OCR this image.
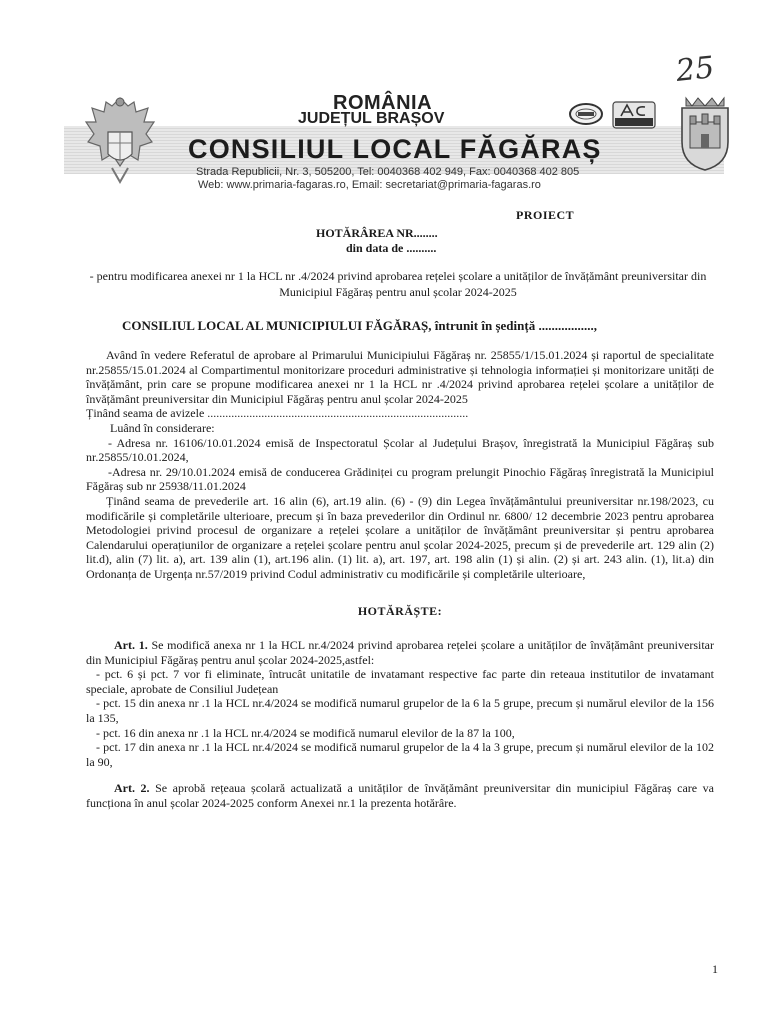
25
ROMÂNIA
JUDEȚUL BRAȘOV
CONSILIUL LOCAL FĂGĂRAȘ
Strada Republicii, Nr. 3, 505200, Tel: 0040368 402 949, Fax: 0040368 402 805
Web: www.primaria-fagaras.ro, Email: secretariat@primaria-fagaras.ro
PROIECT
HOTĂRÂREA NR........
din data de ..........
- pentru modificarea anexei nr 1 la HCL nr .4/2024 privind aprobarea rețelei școlare a unităților de învățământ preuniversitar din Municipiul Făgăraș pentru anul școlar 2024-2025
CONSILIUL LOCAL AL MUNICIPIULUI FĂGĂRAȘ, întrunit în ședință .................,

Având în vedere Referatul de aprobare al Primarului Municipiului Făgăraș nr. 25855/1/15.01.2024 și raportul de specialitate nr.25855/15.01.2024 al Compartimentul monitorizare proceduri administrative și tehnologia informației și monitorizare unități de învățământ, prin care se propune modificarea anexei nr 1 la HCL nr .4/2024 privind aprobarea rețelei școlare a unităților de învățământ preuniversitar din Municipiul Făgăraș pentru anul școlar 2024-2025

Ținând seama de avizele .......................................................................................

Luând în considerare:

- Adresa nr. 16106/10.01.2024 emisă de Inspectoratul Școlar al Județului Brașov, înregistrată la Municipiul Făgăraș sub nr.25855/10.01.2024,

-Adresa nr. 29/10.01.2024 emisă de conducerea Grădiniței cu program prelungit Pinochio Făgăraș înregistrată la Municipiul Făgăraș sub nr 25938/11.01.2024

Ținând seama de prevederile art. 16 alin (6), art.19 alin. (6) - (9) din Legea învățământului preuniversitar nr.198/2023, cu modificările și completările ulterioare, precum și în baza prevederilor din Ordinul nr. 6800/ 12 decembrie 2023 pentru aprobarea Metodologiei privind procesul de organizare a rețelei școlare a unităților de învățământ preuniversitar și pentru aprobarea Calendarului operațiunilor de organizare a rețelei școlare pentru anul școlar 2024-2025, precum și de prevederile art. 129 alin (2) lit.d), alin (7) lit. a), art. 139 alin (1), art.196 alin. (1) lit. a), art. 197, art. 198 alin (1) și alin. (2) și art. 243 alin. (1), lit.a) din Ordonanța de Urgența nr.57/2019 privind Codul administrativ cu modificările și completările ulterioare,

HOTĂRĂȘTE:

Art. 1. Se modifică anexa nr 1 la HCL nr.4/2024 privind aprobarea rețelei școlare a unităților de învățământ preuniversitar din Municipiul Făgăraș pentru anul școlar 2024-2025,astfel:

- pct. 6 și pct. 7 vor fi eliminate, întrucât unitatile de invatamant respective fac parte din reteaua institutilor de invatamant speciale, aprobate de Consiliul Județean

- pct. 15 din anexa nr .1 la HCL nr.4/2024 se modifică numarul grupelor de la 6 la 5 grupe, precum și numărul elevilor de la 156 la 135,

- pct. 16 din anexa nr .1 la HCL nr.4/2024 se modifică numarul elevilor de la 87 la 100,

- pct. 17 din anexa nr .1 la HCL nr.4/2024 se modifică numarul grupelor de la 4 la 3 grupe, precum și numărul elevilor de la 102 la 90,

Art. 2. Se aprobă rețeaua școlară actualizată a unităților de învățământ preuniversitar din municipiul Făgăraș care va funcționa în anul școlar 2024-2025 conform Anexei nr.1 la prezenta hotărâre.

1
